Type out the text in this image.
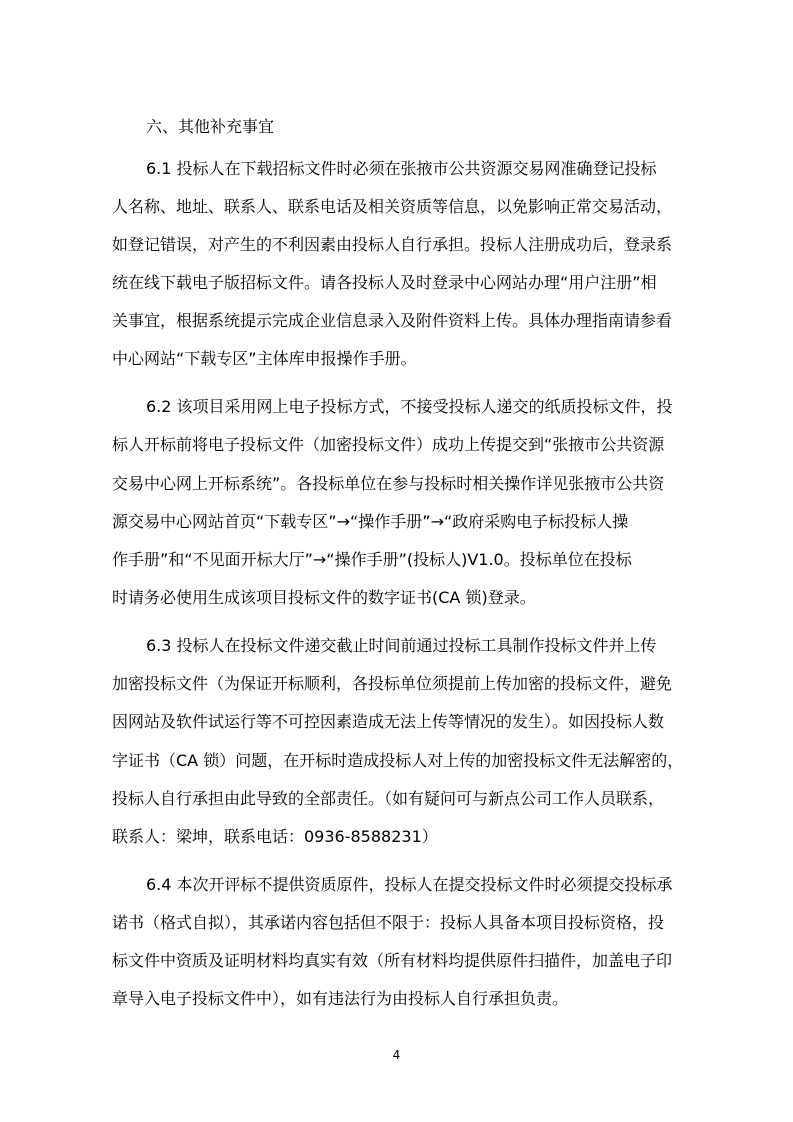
六、其他补充事宜
6.1 投标人在下载招标文件时必须在张掖市公共资源交易网准确登记投标
人名称、地址、联系人、联系电话及相关资质等信息，以免影响正常交易活动，
如登记错误，对产生的不利因素由投标人自行承担。投标人注册成功后，登录系
统在线下载电子版招标文件。请各投标人及时登录中心网站办理“用户注册”相
关事宜，根据系统提示完成企业信息录入及附件资料上传。具体办理指南请参看
中心网站“下载专区”主体库申报操作手册。
6.2 该项目采用网上电子投标方式，不接受投标人递交的纸质投标文件，投
标人开标前将电子投标文件（加密投标文件）成功上传提交到“张掖市公共资源
交易中心网上开标系统”。各投标单位在参与投标时相关操作详见张掖市公共资
源交易中心网站首页“下载专区”→“操作手册”→“政府采购电子标投标人操
作手册”和“不见面开标大厅”→“操作手册”(投标人)V1.0。投标单位在投标
时请务必使用生成该项目投标文件的数字证书(CA 锁)登录。
6.3 投标人在投标文件递交截止时间前通过投标工具制作投标文件并上传
加密投标文件（为保证开标顺利，各投标单位须提前上传加密的投标文件，避免
因网站及软件试运行等不可控因素造成无法上传等情况的发生）。如因投标人数
字证书（CA 锁）问题，在开标时造成投标人对上传的加密投标文件无法解密的，
投标人自行承担由此导致的全部责任。（如有疑问可与新点公司工作人员联系，
联系人：梁坤，联系电话：0936-8588231）
6.4 本次开评标不提供资质原件，投标人在提交投标文件时必须提交投标承
诺书（格式自拟），其承诺内容包括但不限于：投标人具备本项目投标资格，投
标文件中资质及证明材料均真实有效（所有材料均提供原件扫描件，加盖电子印
章导入电子投标文件中），如有违法行为由投标人自行承担负责。
4
